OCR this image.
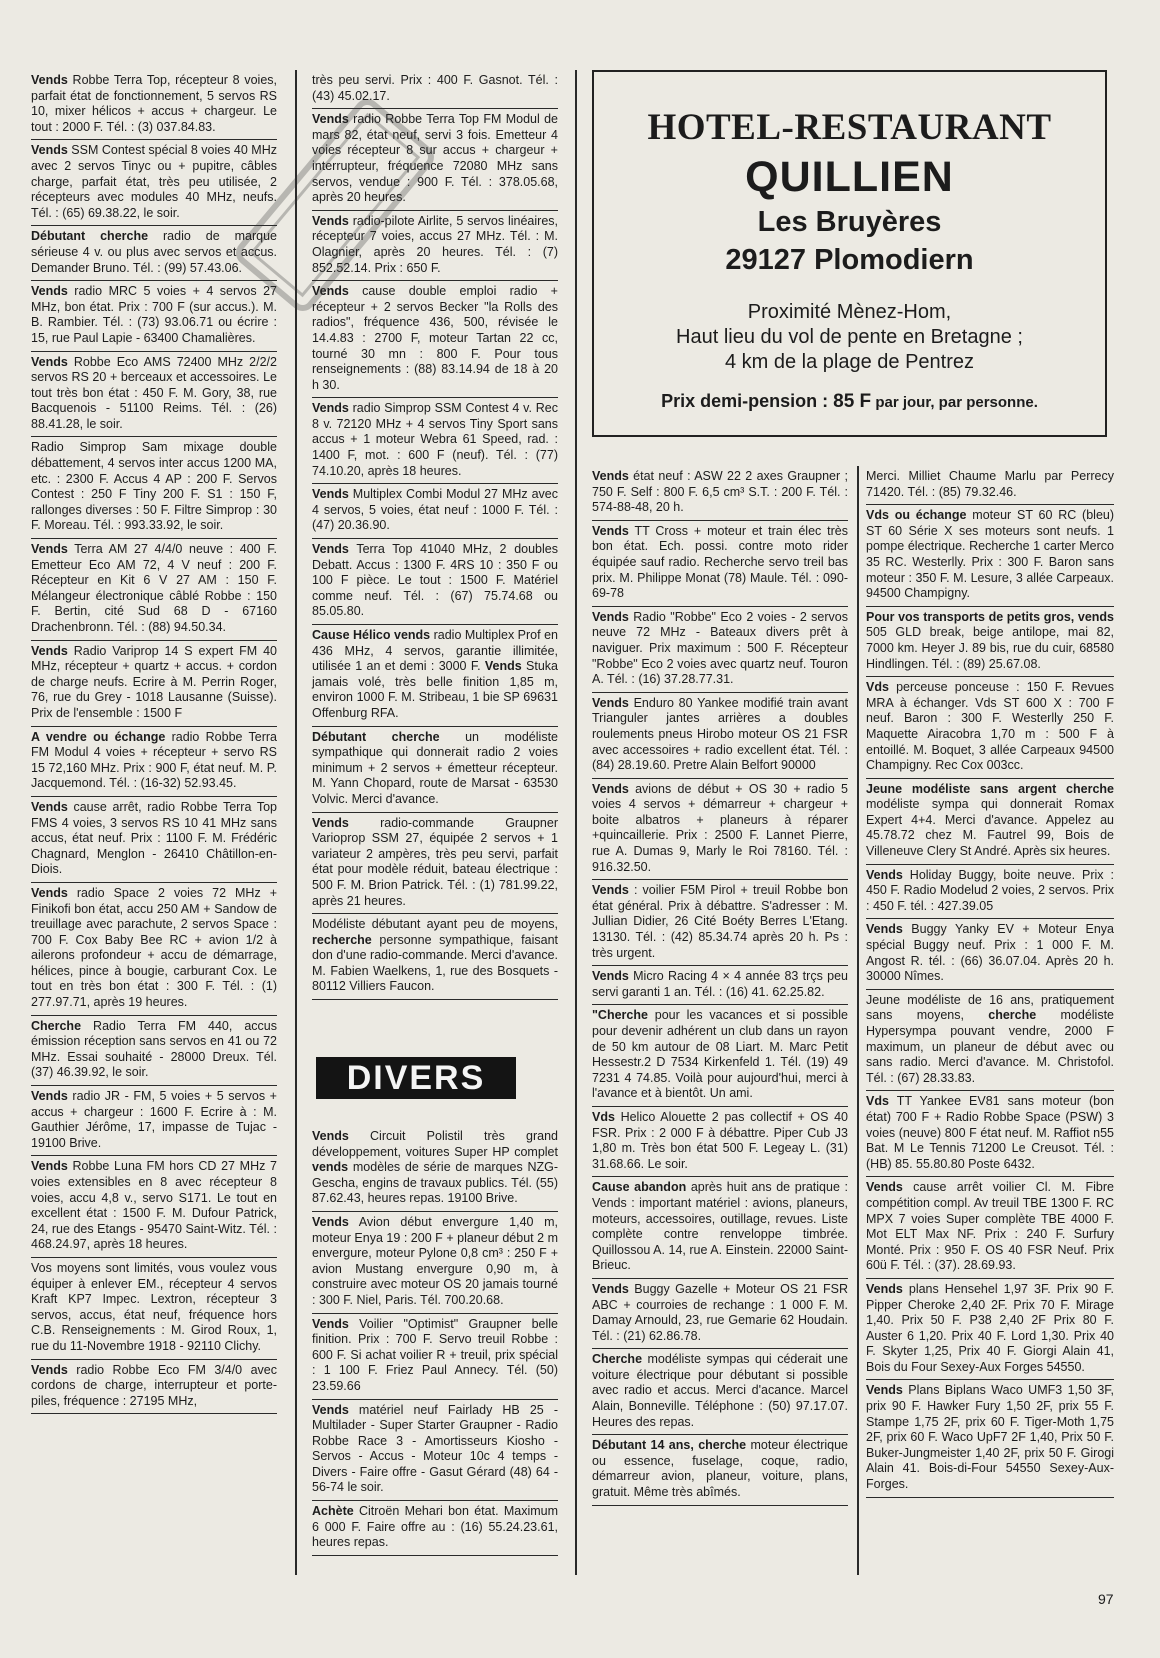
Vends Robbe Terra Top, récepteur 8 voies, parfait état de fonctionnement, 5 servos RS 10, mixer hélicos + accus + chargeur. Le tout : 2000 F. Tél. : (3) 037.84.83.
Vends SSM Contest spécial 8 voies 40 MHz avec 2 servos Tinyc ou + pupitre, câbles charge, parfait état, très peu utilisée, 2 récepteurs avec modules 40 MHz, neufs. Tél. : (65) 69.38.22, le soir.
Débutant cherche radio de marque sérieuse 4 v. ou plus avec servos et accus. Demander Bruno. Tél. : (99) 57.43.06.
Vends radio MRC 5 voies + 4 servos 27 MHz, bon état. Prix : 700 F (sur accus.). M. B. Rambier. Tél. : (73) 93.06.71 ou écrire : 15, rue Paul Lapie - 63400 Chamalières.
Vends Robbe Eco AMS 72400 MHz 2/2/2 servos RS 20 + berceaux et accessoires. Le tout très bon état : 450 F. M. Gory, 38, rue Bacquenois - 51100 Reims. Tél. : (26) 88.41.28, le soir.
Radio Simprop Sam mixage double débattement, 4 servos inter accus 1200 MA, etc. : 2300 F. Accus 4 AP : 200 F. Servos Contest : 250 F Tiny 200 F. S1 : 150 F, rallonges diverses : 50 F. Filtre Simprop : 30 F. Moreau. Tél. : 993.33.92, le soir.
Vends Terra AM 27 4/4/0 neuve : 400 F. Emetteur Eco AM 72, 4 V neuf : 200 F. Récepteur en Kit 6 V 27 AM : 150 F. Mélangeur électronique câblé Robbe : 150 F. Bertin, cité Sud 68 D - 67160 Drachenbronn. Tél. : (88) 94.50.34.
Vends Radio Variprop 14 S expert FM 40 MHz, récepteur + quartz + accus. + cordon de charge neufs. Ecrire à M. Perrin Roger, 76, rue du Grey - 1018 Lausanne (Suisse). Prix de l'ensemble : 1500 F
A vendre ou échange radio Robbe Terra FM Modul 4 voies + récepteur + servo RS 15 72,160 MHz. Prix : 900 F, état neuf. M. P. Jacquemond. Tél. : (16-32) 52.93.45.
Vends cause arrêt, radio Robbe Terra Top FMS 4 voies, 3 servos RS 10 41 MHz sans accus, état neuf. Prix : 1100 F. M. Frédéric Chagnard, Menglon - 26410 Châtillon-en-Diois.
Vends radio Space 2 voies 72 MHz + Finikofi bon état, accu 250 AM + Sandow de treuillage avec parachute, 2 servos Space : 700 F. Cox Baby Bee RC + avion 1/2 à ailerons profondeur + accu de démarrage, hélices, pince à bougie, carburant Cox. Le tout en très bon état : 300 F. Tél. : (1) 277.97.71, après 19 heures.
Cherche Radio Terra FM 440, accus émission réception sans servos en 41 ou 72 MHz. Essai souhaité - 28000 Dreux. Tél. (37) 46.39.92, le soir.
Vends radio JR - FM, 5 voies + 5 servos + accus + chargeur : 1600 F. Ecrire à : M. Gauthier Jérôme, 17, impasse de Tujac - 19100 Brive.
Vends Robbe Luna FM hors CD 27 MHz 7 voies extensibles en 8 avec récepteur 8 voies, accu 4,8 v., servo S171. Le tout en excellent état : 1500 F. M. Dufour Patrick, 24, rue des Etangs - 95470 Saint-Witz. Tél. : 468.24.97, après 18 heures.
Vos moyens sont limités, vous voulez vous équiper à enlever EM., récepteur 4 servos Kraft KP7 Impec. Lextron, récepteur 3 servos, accus, état neuf, fréquence hors C.B. Renseignements : M. Girod Roux, 1, rue du 11-Novembre 1918 - 92110 Clichy.
Vends radio Robbe Eco FM 3/4/0 avec cordons de charge, interrupteur et porte-piles, fréquence : 27195 MHz,
très peu servi. Prix : 400 F. Gasnot. Tél. : (43) 45.02.17.
Vends radio Robbe Terra Top FM Modul de mars 82, état neuf, servi 3 fois. Emetteur 4 voies récepteur 8 sur accus + chargeur + interrupteur, fréquence 72080 MHz sans servos, vendue : 900 F. Tél. : 378.05.68, après 20 heures.
Vends radio-pilote Airlite, 5 servos linéaires, récepteur 7 voies, accus 27 MHz. Tél. : M. Olagnier, après 20 heures. Tél. : (7) 852.52.14. Prix : 650 F.
Vends cause double emploi radio + récepteur + 2 servos Becker "la Rolls des radios", fréquence 436, 500, révisée le 14.4.83 : 2700 F, moteur Tartan 22 cc, tourné 30 mn : 800 F. Pour tous renseignements : (88) 83.14.94 de 18 à 20 h 30.
Vends radio Simprop SSM Contest 4 v. Rec 8 v. 72120 MHz + 4 servos Tiny Sport sans accus + 1 moteur Webra 61 Speed, rad. : 1400 F, mot. : 600 F (neuf). Tél. : (77) 74.10.20, après 18 heures.
Vends Multiplex Combi Modul 27 MHz avec 4 servos, 5 voies, état neuf : 1000 F. Tél. : (47) 20.36.90.
Vends Terra Top 41040 MHz, 2 doubles Debatt. Accus : 1300 F. 4RS 10 : 350 F ou 100 F pièce. Le tout : 1500 F. Matériel comme neuf. Tél. : (67) 75.74.68 ou 85.05.80.
Cause Hélico vends radio Multiplex Prof en 436 MHz, 4 servos, garantie illimitée, utilisée 1 an et demi : 3000 F. Vends Stuka jamais volé, très belle finition 1,85 m, environ 1000 F. M. Stribeau, 1 bie SP 69631 Offenburg RFA.
Débutant cherche un modéliste sympathique qui donnerait radio 2 voies minimum + 2 servos + émetteur récepteur. M. Yann Chopard, route de Marsat - 63530 Volvic. Merci d'avance.
Vends radio-commande Graupner Varioprop SSM 27, équipée 2 servos + 1 variateur 2 ampères, très peu servi, parfait état pour modèle réduit, bateau électrique : 500 F. M. Brion Patrick. Tél. : (1) 781.99.22, après 21 heures.
Modéliste débutant ayant peu de moyens, recherche personne sympathique, faisant don d'une radio-commande. Merci d'avance. M. Fabien Waelkens, 1, rue des Bosquets - 80112 Villiers Faucon.
DIVERS
Vends Circuit Polistil très grand développement, voitures Super HP complet vends modèles de série de marques NZG-Gescha, engins de travaux publics. Tél. (55) 87.62.43, heures repas. 19100 Brive.
Vends Avion début envergure 1,40 m, moteur Enya 19 : 200 F + planeur début 2 m envergure, moteur Pylone 0,8 cm³ : 250 F + avion Mustang envergure 0,90 m, à construire avec moteur OS 20 jamais tourné : 300 F. Niel, Paris. Tél. 700.20.68.
Vends Voilier "Optimist" Graupner belle finition. Prix : 700 F. Servo treuil Robbe : 600 F. Si achat voilier R + treuil, prix spécial : 1 100 F. Friez Paul Annecy. Tél. (50) 23.59.66
Vends matériel neuf Fairlady HB 25 - Multilader - Super Starter Graupner - Radio Robbe Race 3 - Amortisseurs Kiosho - Servos - Accus - Moteur 10c 4 temps - Divers - Faire offre - Gasut Gérard (48) 64 - 56-74 le soir.
Achète Citroën Mehari bon état. Maximum 6 000 F. Faire offre au : (16) 55.24.23.61, heures repas.
HOTEL-RESTAURANT
QUILLIEN
Les Bruyères
29127 Plomodiern
Proximité Mènez-Hom,
Haut lieu du vol de pente en Bretagne ;
4 km de la plage de Pentrez
Prix demi-pension : 85 F par jour, par personne.
Vends état neuf : ASW 22 2 axes Graupner ; 750 F. Self : 800 F. 6,5 cm³ S.T. : 200 F. Tél. : 574-88-48, 20 h.
Vends TT Cross + moteur et train élec très bon état. Ech. possi. contre moto rider équipée sauf radio. Recherche servo treil bas prix. M. Philippe Monat (78) Maule. Tél. : 090-69-78
Vends Radio "Robbe" Eco 2 voies - 2 servos neuve 72 MHz - Bateaux divers prêt à naviguer. Prix maximum : 500 F. Récepteur "Robbe" Eco 2 voies avec quartz neuf. Touron A. Tél. : (16) 37.28.77.31.
Vends Enduro 80 Yankee modifié train avant Trianguler jantes arrières a doubles roulements pneus Hirobo moteur OS 21 FSR avec accessoires + radio excellent état. Tél. : (84) 28.19.60. Pretre Alain Belfort 90000
Vends avions de début + OS 30 + radio 5 voies 4 servos + démarreur + chargeur + boite albatros + planeurs à réparer +quincaillerie. Prix : 2500 F. Lannet Pierre, rue A. Dumas 9, Marly le Roi 78160. Tél. : 916.32.50.
Vends : voilier F5M Pirol + treuil Robbe bon état général. Prix à débattre. S'adresser : M. Jullian Didier, 26 Cité Boéty Berres L'Etang. 13130. Tél. : (42) 85.34.74 après 20 h. Ps : très urgent.
Vends Micro Racing 4 × 4 année 83 trçs peu servi garanti 1 an. Tél. : (16) 41. 62.25.82.
"Cherche pour les vacances et si possible pour devenir adhérent un club dans un rayon de 50 km autour de 08 Liart. M. Marc Petit Hessestr.2 D 7534 Kirkenfeld 1. Tél. (19) 49 7231 4 74.85. Voilà pour aujourd'hui, merci à l'avance et à bientôt. Un ami.
Vds Helico Alouette 2 pas collectif + OS 40 FSR. Prix : 2 000 F à débattre. Piper Cub J3 1,80 m. Très bon état 500 F. Legeay L. (31) 31.68.66. Le soir.
Cause abandon après huit ans de pratique : Vends : important matériel : avions, planeurs, moteurs, accessoires, outillage, revues. Liste complète contre renveloppe timbrée. Quillossou A. 14, rue A. Einstein. 22000 Saint-Brieuc.
Vends Buggy Gazelle + Moteur OS 21 FSR ABC + courroies de rechange : 1 000 F. M. Damay Arnould, 23, rue Gemarie 62 Houdain. Tél. : (21) 62.86.78.
Cherche modéliste sympas qui céderait une voiture électrique pour débutant si possible avec radio et accus. Merci d'acance. Marcel Alain, Bonneville. Téléphone : (50) 97.17.07. Heures des repas.
Débutant 14 ans, cherche moteur électrique ou essence, fuselage, coque, radio, démarreur avion, planeur, voiture, plans, gratuit. Même très abîmés.
Merci. Milliet Chaume Marlu par Perrecy 71420. Tél. : (85) 79.32.46.
Vds ou échange moteur ST 60 RC (bleu) ST 60 Série X ses moteurs sont neufs. 1 pompe électrique. Recherche 1 carter Merco 35 RC. Westerlly. Prix : 300 F. Baron sans moteur : 350 F. M. Lesure, 3 allée Carpeaux. 94500 Champigny.
Pour vos transports de petits gros, vends 505 GLD break, beige antilope, mai 82, 7000 km. Heyer J. 89 bis, rue du cuir, 68580 Hindlingen. Tél. : (89) 25.67.08.
Vds perceuse ponceuse : 150 F. Revues MRA à échanger. Vds ST 600 X : 700 F neuf. Baron : 300 F. Westerlly 250 F. Maquette Airacobra 1,70 m : 500 F à entoillé. M. Boquet, 3 allée Carpeaux 94500 Champigny. Rec Cox 003cc.
Jeune modéliste sans argent cherche modéliste sympa qui donnerait Romax Expert 4+4. Merci d'avance. Appelez au 45.78.72 chez M. Fautrel 99, Bois de Villeneuve Clery St André. Après six heures.
Vends Holiday Buggy, boite neuve. Prix : 450 F. Radio Modelud 2 voies, 2 servos. Prix : 450 F. tél. : 427.39.05
Vends Buggy Yanky EV + Moteur Enya spécial Buggy neuf. Prix : 1 000 F. M. Angost R. tél. : (66) 36.07.04. Après 20 h. 30000 Nîmes.
Jeune modéliste de 16 ans, pratiquement sans moyens, cherche modéliste Hypersympa pouvant vendre, 2000 F maximum, un planeur de début avec ou sans radio. Merci d'avance. M. Christofol. Tél. : (67) 28.33.83.
Vds TT Yankee EV81 sans moteur (bon état) 700 F + Radio Robbe Space (PSW) 3 voies (neuve) 800 F état neuf. M. Raffiot n55 Bat. M Le Tennis 71200 Le Creusot. Tél. : (HB) 85. 55.80.80 Poste 6432.
Vends cause arrêt voilier Cl. M. Fibre compétition compl. Av treuil TBE 1300 F. RC MPX 7 voies Super complète TBE 4000 F. Mot ELT Max NF. Prix : 240 F. Surfury Monté. Prix : 950 F. OS 40 FSR Neuf. Prix 60ü F. Tél. : (37). 28.69.93.
Vends plans Hensehel 1,97 3F. Prix 90 F. Pipper Cheroke 2,40 2F. Prix 70 F. Mirage 1,40. Prix 50 F. P38 2,40 2F Prix 80 F. Auster 6 1,20. Prix 40 F. Lord 1,30. Prix 40 F. Skyter 1,25, Prix 40 F. Giorgi Alain 41, Bois du Four Sexey-Aux Forges 54550.
Vends Plans Biplans Waco UMF3 1,50 3F, prix 90 F. Hawker Fury 1,50 2F, prix 55 F. Stampe 1,75 2F, prix 60 F. Tiger-Moth 1,75 2F, prix 60 F. Waco UpF7 2F 1,40, Prix 50 F. Buker-Jungmeister 1,40 2F, prix 50 F. Girogi Alain 41. Bois-di-Four 54550 Sexey-Aux-Forges.
97
